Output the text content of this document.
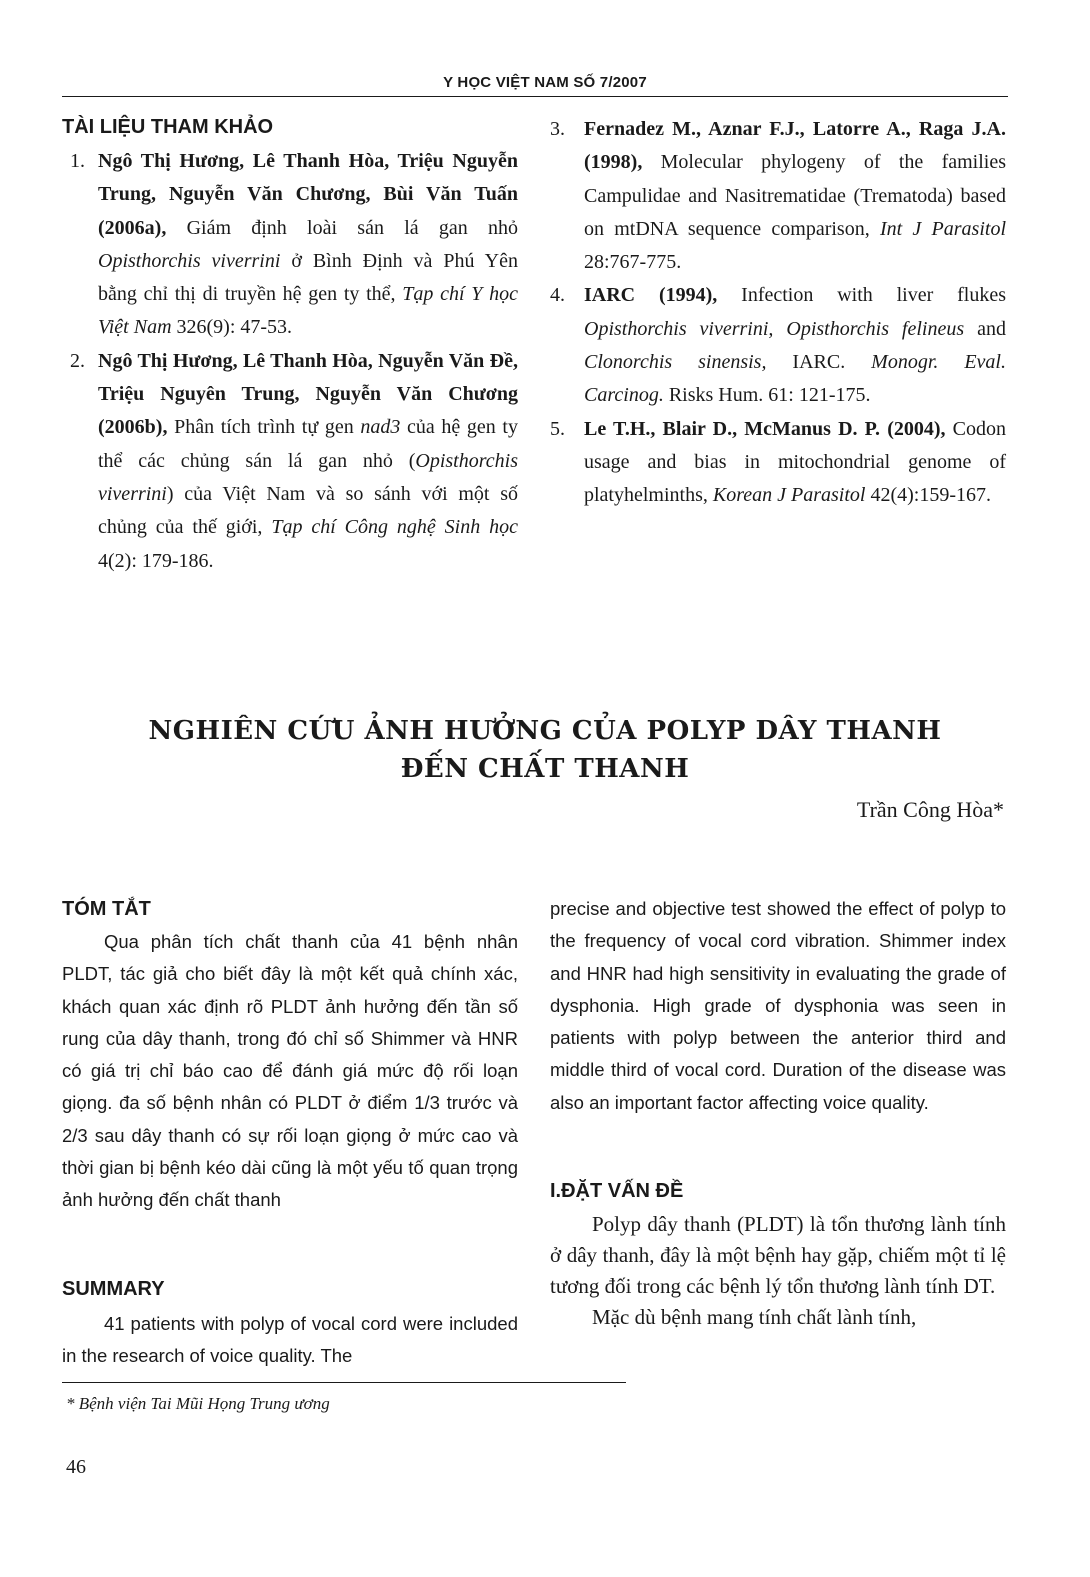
Y HỌC VIỆT NAM SỐ 7/2007
TÀI LIỆU THAM KHẢO
1. Ngô Thị Hương, Lê Thanh Hòa, Triệu Nguyễn Trung, Nguyễn Văn Chương, Bùi Văn Tuấn (2006a), Giám định loài sán lá gan nhỏ Opisthorchis viverrini ở Bình Định và Phú Yên bằng chỉ thị di truyền hệ gen ty thể, Tạp chí Y học Việt Nam 326(9): 47-53.
2. Ngô Thị Hương, Lê Thanh Hòa, Nguyễn Văn Đề, Triệu Nguyên Trung, Nguyễn Văn Chương (2006b), Phân tích trình tự gen nad3 của hệ gen ty thể các chủng sán lá gan nhỏ (Opisthorchis viverrini) của Việt Nam và so sánh với một số chủng của thế giới, Tạp chí Công nghệ Sinh học 4(2): 179-186.
3. Fernadez M., Aznar F.J., Latorre A., Raga J.A. (1998), Molecular phylogeny of the families Campulidae and Nasitrematidae (Trematoda) based on mtDNA sequence comparison, Int J Parasitol 28:767-775.
4. IARC (1994), Infection with liver flukes Opisthorchis viverrini, Opisthorchis felineus and Clonorchis sinensis, IARC. Monogr. Eval. Carcinog. Risks Hum. 61: 121-175.
5. Le T.H., Blair D., McManus D. P. (2004), Codon usage and bias in mitochondrial genome of platyhelminths, Korean J Parasitol 42(4):159-167.
NGHIÊN CỨU ẢNH HƯỞNG CỦA POLYP DÂY THANH
ĐẾN CHẤT THANH
Trần Công Hòa*
TÓM TẮT
Qua phân tích chất thanh của 41 bệnh nhân PLDT, tác giả cho biết đây là một kết quả chính xác, khách quan xác định rõ PLDT ảnh hưởng đến tần số rung của dây thanh, trong đó chỉ số Shimmer và HNR có giá trị chỉ báo cao để đánh giá mức độ rối loạn giọng. đa số bệnh nhân có PLDT ở điểm 1/3 trước và 2/3 sau dây thanh có sự rối loạn giọng ở mức cao và thời gian bị bệnh kéo dài cũng là một yếu tố quan trọng ảnh hưởng đến chất thanh
SUMMARY
41 patients with polyp of vocal cord were included in the research of voice quality. The
precise and objective test showed the effect of polyp to the frequency of vocal cord vibration. Shimmer index and HNR had high sensitivity in evaluating the grade of dysphonia. High grade of dysphonia was seen in patients with polyp between the anterior third and middle third of vocal cord. Duration of the disease was also an important factor affecting voice quality.
I.ĐẶT VẤN ĐỀ
Polyp dây thanh (PLDT) là tổn thương lành tính ở dây thanh, đây là một bệnh hay gặp, chiếm một tỉ lệ tương đối trong các bệnh lý tổn thương lành tính DT.
Mặc dù bệnh mang tính chất lành tính,
* Bệnh viện Tai Mũi Họng Trung ương
46
